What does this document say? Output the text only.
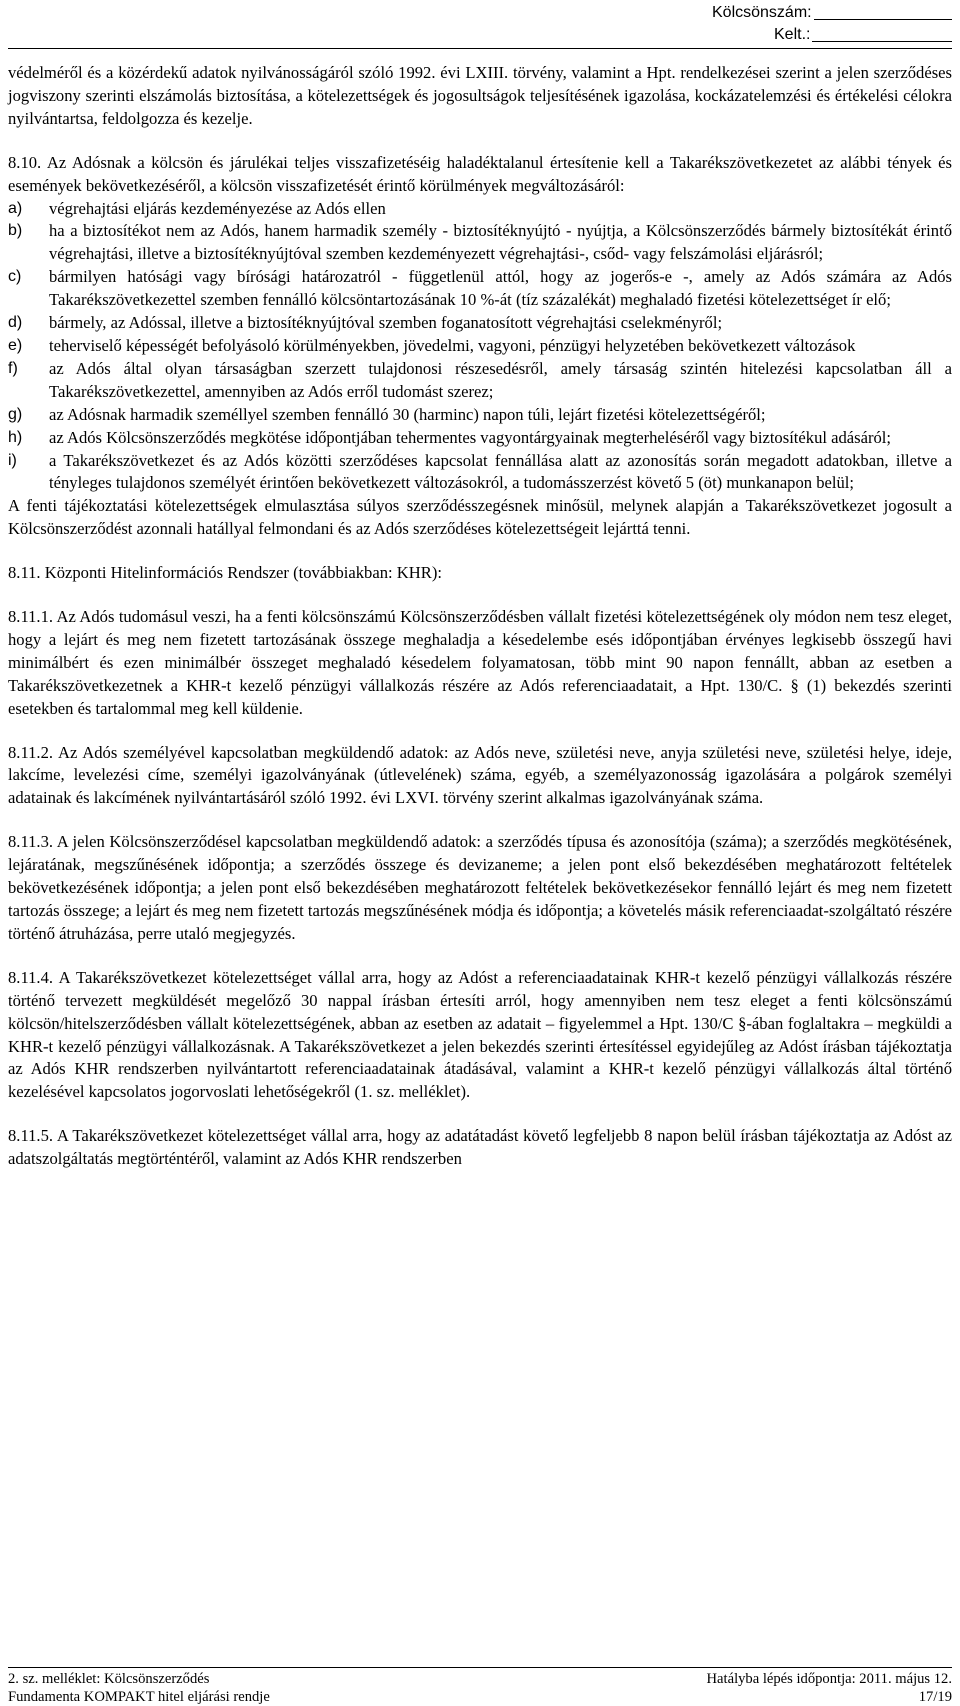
Kölcsönszám:
Kelt.:

védelméről és a közérdekű adatok nyilvánosságáról szóló 1992. évi LXIII. törvény, valamint a Hpt. rendelkezései szerint a jelen szerződéses jogviszony szerinti elszámolás biztosítása, a kötelezettségek és jogosultságok teljesítésének igazolása, kockázatelemzési és értékelési célokra nyilvántartsa, feldolgozza és kezelje.

8.10. Az Adósnak a kölcsön és járulékai teljes visszafizetéséig haladéktalanul értesítenie kell a Takarékszövetkezetet az alábbi tények és események bekövetkezéséről, a kölcsön visszafizetését érintő körülmények megváltozásáról:

a)	végrehajtási eljárás kezdeményezése az Adós ellen
b)	ha a biztosítékot nem az Adós, hanem harmadik személy - biztosítéknyújtó - nyújtja, a Kölcsönszerződés bármely biztosítékát érintő végrehajtási, illetve a biztosítéknyújtóval szemben kezdeményezett végrehajtási-, csőd- vagy felszámolási eljárásról;
c)	bármilyen hatósági vagy bírósági határozatról - függetlenül attól, hogy az jogerős-e -, amely az Adós számára az Adós Takarékszövetkezettel szemben fennálló kölcsöntartozásának 10 %-át (tíz százalékát) meghaladó fizetési kötelezettséget ír elő;
d)	bármely, az Adóssal, illetve a biztosítéknyújtóval szemben foganatosított végrehajtási cselekményről;
e)	teherviselő képességét befolyásoló körülményekben, jövedelmi, vagyoni, pénzügyi helyzetében bekövetkezett változások
f)	az Adós által olyan társaságban szerzett tulajdonosi részesedésről, amely társaság szintén hitelezési kapcsolatban áll a Takarékszövetkezettel, amennyiben az Adós erről tudomást szerez;
g)	az Adósnak harmadik személlyel szemben fennálló 30 (harminc) napon túli, lejárt fizetési kötelezettségéről;
h)	az Adós Kölcsönszerződés megkötése időpontjában tehermentes vagyontárgyainak megterheléséről vagy biztosítékul adásáról;
i)	a Takarékszövetkezet és az Adós közötti szerződéses kapcsolat fennállása alatt az azonosítás során megadott adatokban, illetve a tényleges tulajdonos személyét érintően bekövetkezett változásokról, a tudomásszerzést követő 5 (öt) munkanapon belül;

A fenti tájékoztatási kötelezettségek elmulasztása súlyos szerződésszegésnek minősül, melynek alapján a Takarékszövetkezet jogosult a Kölcsönszerződést azonnali hatállyal felmondani és az Adós szerződéses kötelezettségeit lejárttá tenni.

8.11. Központi Hitelinformációs Rendszer (továbbiakban: KHR):

8.11.1. Az Adós tudomásul veszi, ha a fenti kölcsönszámú Kölcsönszerződésben vállalt fizetési kötelezettségének oly módon nem tesz eleget, hogy a lejárt és meg nem fizetett tartozásának összege meghaladja a késedelembe esés időpontjában érvényes legkisebb összegű havi minimálbért és ezen minimálbér összeget meghaladó késedelem folyamatosan, több mint 90 napon fennállt, abban az esetben a Takarékszövetkezetnek a KHR-t kezelő pénzügyi vállalkozás részére az Adós referenciaadatait, a Hpt. 130/C. § (1) bekezdés szerinti esetekben és tartalommal meg kell küldenie.

8.11.2. Az Adós személyével kapcsolatban megküldendő adatok: az Adós neve, születési neve, anyja születési neve, születési helye, ideje, lakcíme, levelezési címe, személyi igazolványának (útlevelének) száma, egyéb, a személyazonosság igazolására a polgárok személyi adatainak és lakcímének nyilvántartásáról szóló 1992. évi LXVI. törvény szerint alkalmas igazolványának száma.

8.11.3. A jelen Kölcsönszerződésel kapcsolatban megküldendő adatok: a szerződés típusa és azonosítója (száma); a szerződés megkötésének, lejáratának, megszűnésének időpontja; a szerződés összege és devizaneme; a jelen pont első bekezdésében meghatározott feltételek bekövetkezésének időpontja; a jelen pont első bekezdésében meghatározott feltételek bekövetkezésekor fennálló lejárt és meg nem fizetett tartozás összege; a lejárt és meg nem fizetett tartozás megszűnésének módja és időpontja; a követelés másik referenciaadat-szolgáltató részére történő átruházása, perre utaló megjegyzés.

8.11.4. A Takarékszövetkezet kötelezettséget vállal arra, hogy az Adóst a referenciaadatainak KHR-t kezelő pénzügyi vállalkozás részére történő tervezett megküldését megelőző 30 nappal írásban értesíti arról, hogy amennyiben nem tesz eleget a fenti kölcsönszámú kölcsön/hitelszerződésben vállalt kötelezettségének, abban az esetben az adatait – figyelemmel a Hpt. 130/C §-ában foglaltakra – megküldi a KHR-t kezelő pénzügyi vállalkozásnak. A Takarékszövetkezet a jelen bekezdés szerinti értesítéssel egyidejűleg az Adóst írásban tájékoztatja az Adós KHR rendszerben nyilvántartott referenciaadatainak átadásával, valamint a KHR-t kezelő pénzügyi vállalkozás által történő kezelésével kapcsolatos jogorvoslati lehetőségekről (1. sz. melléklet).

8.11.5. A Takarékszövetkezet kötelezettséget vállal arra, hogy az adatátadást követő legfeljebb 8 napon belül írásban tájékoztatja az Adóst az adatszolgáltatás megtörténtéről, valamint az Adós KHR rendszerben

2. sz. melléklet: Kölcsönszerződés	Hatályba lépés időpontja: 2011. május 12.
Fundamenta KOMPAKT hitel eljárási rendje	17/19
